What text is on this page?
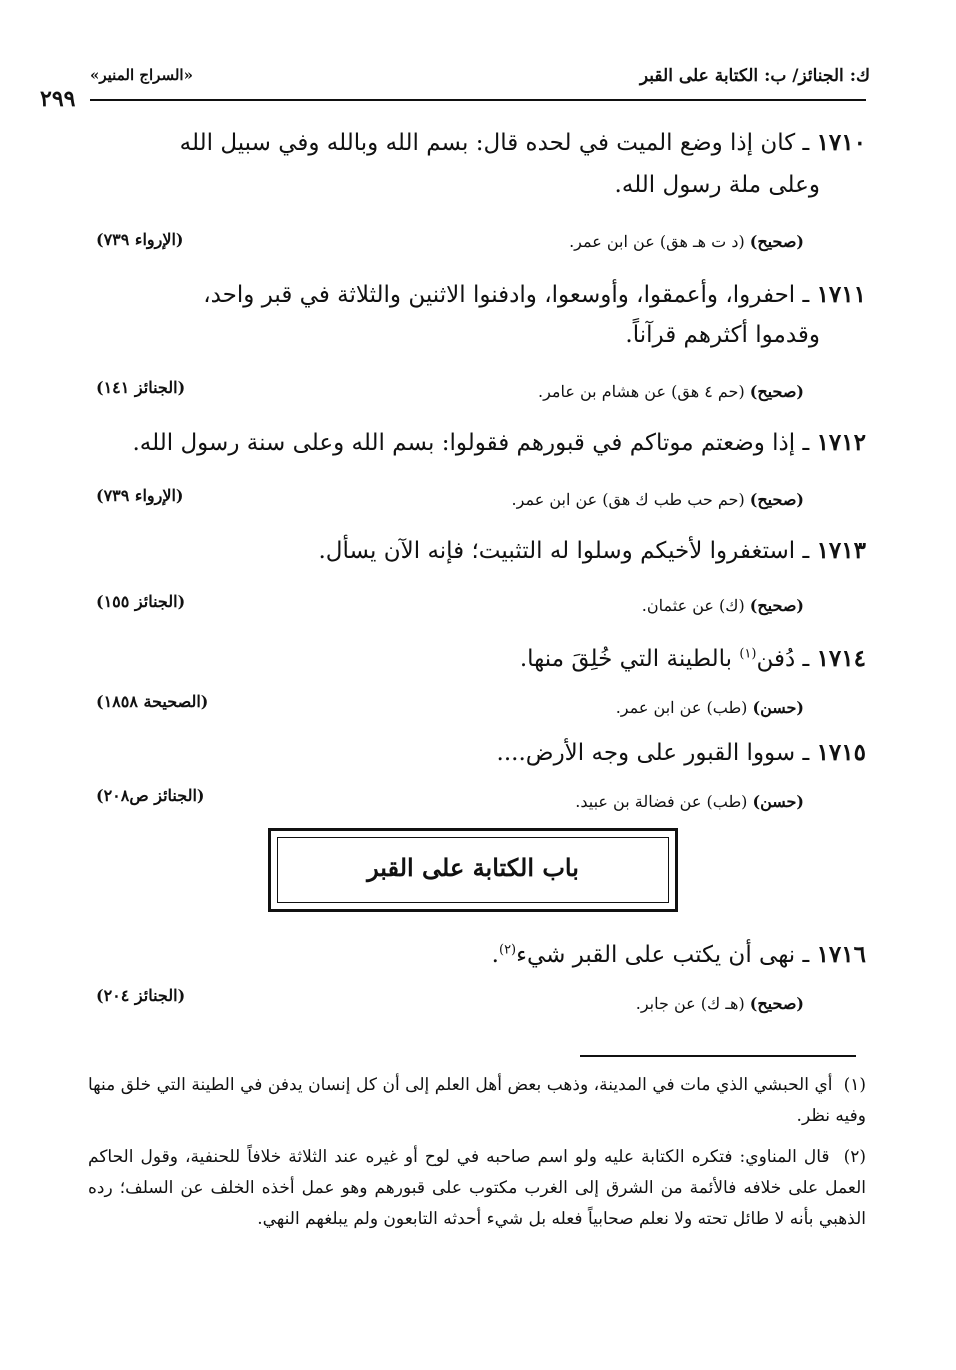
ك: الجنائز/ ب: الكتابة على القبر
«السراج المنير»
٢٩٩
١٧١٠ ـ كان إذا وضع الميت في لحده قال: بسم الله وبالله وفي سبيل الله
وعلى ملة رسول الله.
(صحيح) (د ت هـ هق) عن ابن عمر.
(الإرواء ٧٣٩)
١٧١١ ـ احفروا، وأعمقوا، وأوسعوا، وادفنوا الاثنين والثلاثة في قبر واحد،
وقدموا أكثرهم قرآناً.
(صحيح) (حم ٤ هق) عن هشام بن عامر.
(الجنائز ١٤١)
١٧١٢ ـ إذا وضعتم موتاكم في قبورهم فقولوا: بسم الله وعلى سنة رسول الله.
(صحيح) (حم حب طب ك هق) عن ابن عمر.
(الإرواء ٧٣٩)
١٧١٣ ـ استغفروا لأخيكم وسلوا له التثبيت؛ فإنه الآن يسأل.
(صحيح) (ك) عن عثمان.
(الجنائز ١٥٥)
١٧١٤ ـ دُفن$^{(١)}$ بالطينة التي خُلِقَ منها.
(حسن) (طب) عن ابن عمر.
(الصحيحة ١٨٥٨)
١٧١٥ ـ سووا القبور على وجه الأرض....
(حسن) (طب) عن فضالة بن عبيد.
(الجنائز ص٢٠٨)
باب الكتابة على القبر
١٧١٦ ـ نهى أن يكتب على القبر شيء$^{(٢)}$.
(صحيح) (هـ ك) عن جابر.
(الجنائز ٢٠٤)
(١)  أي الحبشي الذي مات في المدينة، وذهب بعض أهل العلم إلى أن كل إنسان يدفن في الطينة التي خلق منها وفيه نظر.
(٢)  قال المناوي: فتكره الكتابة عليه ولو اسم صاحبه في لوح أو غيره عند الثلاثة خلافاً للحنفية، وقول الحاكم العمل على خلافه فالأئمة من الشرق إلى الغرب مكتوب على قبورهم وهو عمل أخذه الخلف عن السلف؛ رده الذهبي بأنه لا طائل تحته ولا نعلم صحابياً فعله بل شيء أحدثه التابعون ولم يبلغهم النهي.
